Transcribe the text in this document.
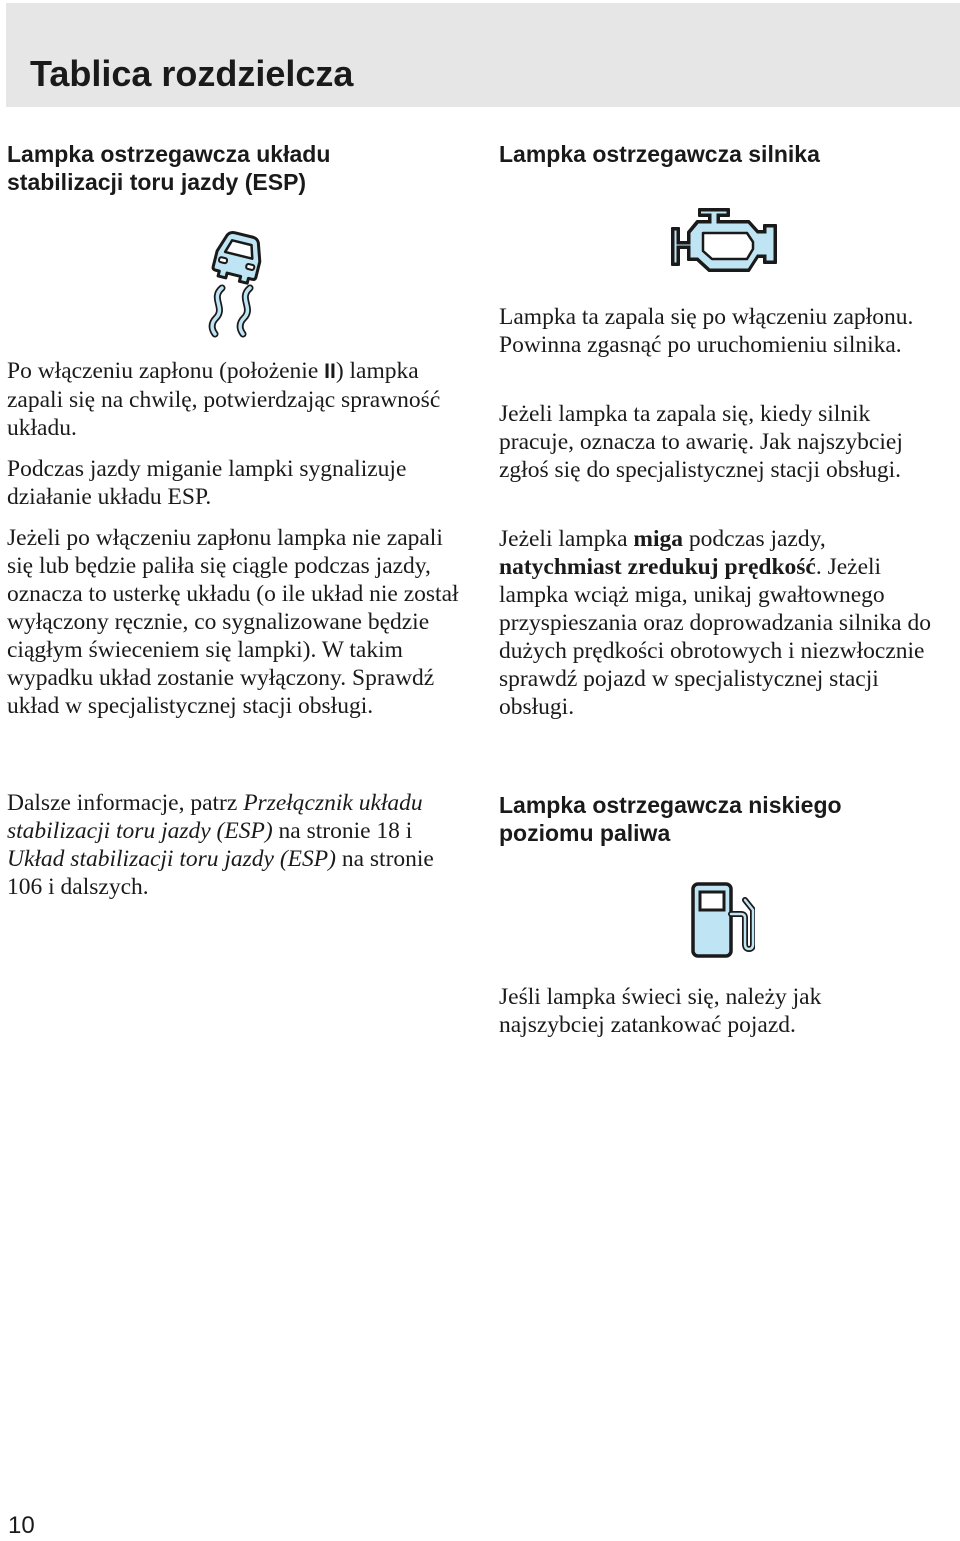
Tablica rozdzielcza
Lampka ostrzegawcza układu
stabilizacji toru jazdy (ESP)

Po włączeniu zapłonu (położenie II) lampka zapali się na chwilę, potwierdzając sprawność układu.

Podczas jazdy miganie lampki sygnalizuje działanie układu ESP.

Jeżeli po włączeniu zapłonu lampka nie zapali się lub będzie paliła się ciągle podczas jazdy, oznacza to usterkę układu (o ile układ nie został wyłączony ręcznie, co sygnalizowane będzie ciągłym świeceniem się lampki). W takim wypadku układ zostanie wyłączony. Sprawdź układ w specjalistycznej stacji obsługi.

Dalsze informacje, patrz Przełącznik układu stabilizacji toru jazdy (ESP) na stronie 18 i Układ stabilizacji toru jazdy (ESP) na stronie 106 i dalszych.

Lampka ostrzegawcza silnika

Lampka ta zapala się po włączeniu zapłonu. Powinna zgasnąć po uruchomieniu silnika.

Jeżeli lampka ta zapala się, kiedy silnik pracuje, oznacza to awarię. Jak najszybciej zgłoś się do specjalistycznej stacji obsługi.

Jeżeli lampka miga podczas jazdy, natychmiast zredukuj prędkość. Jeżeli lampka wciąż miga, unikaj gwałtownego przyspieszania oraz doprowadzania silnika do dużych prędkości obrotowych i niezwłocznie sprawdź pojazd w specjalistycznej stacji obsługi.

Lampka ostrzegawcza niskiego
poziomu paliwa

Jeśli lampka świeci się, należy jak najszybciej zatankować pojazd.

10
